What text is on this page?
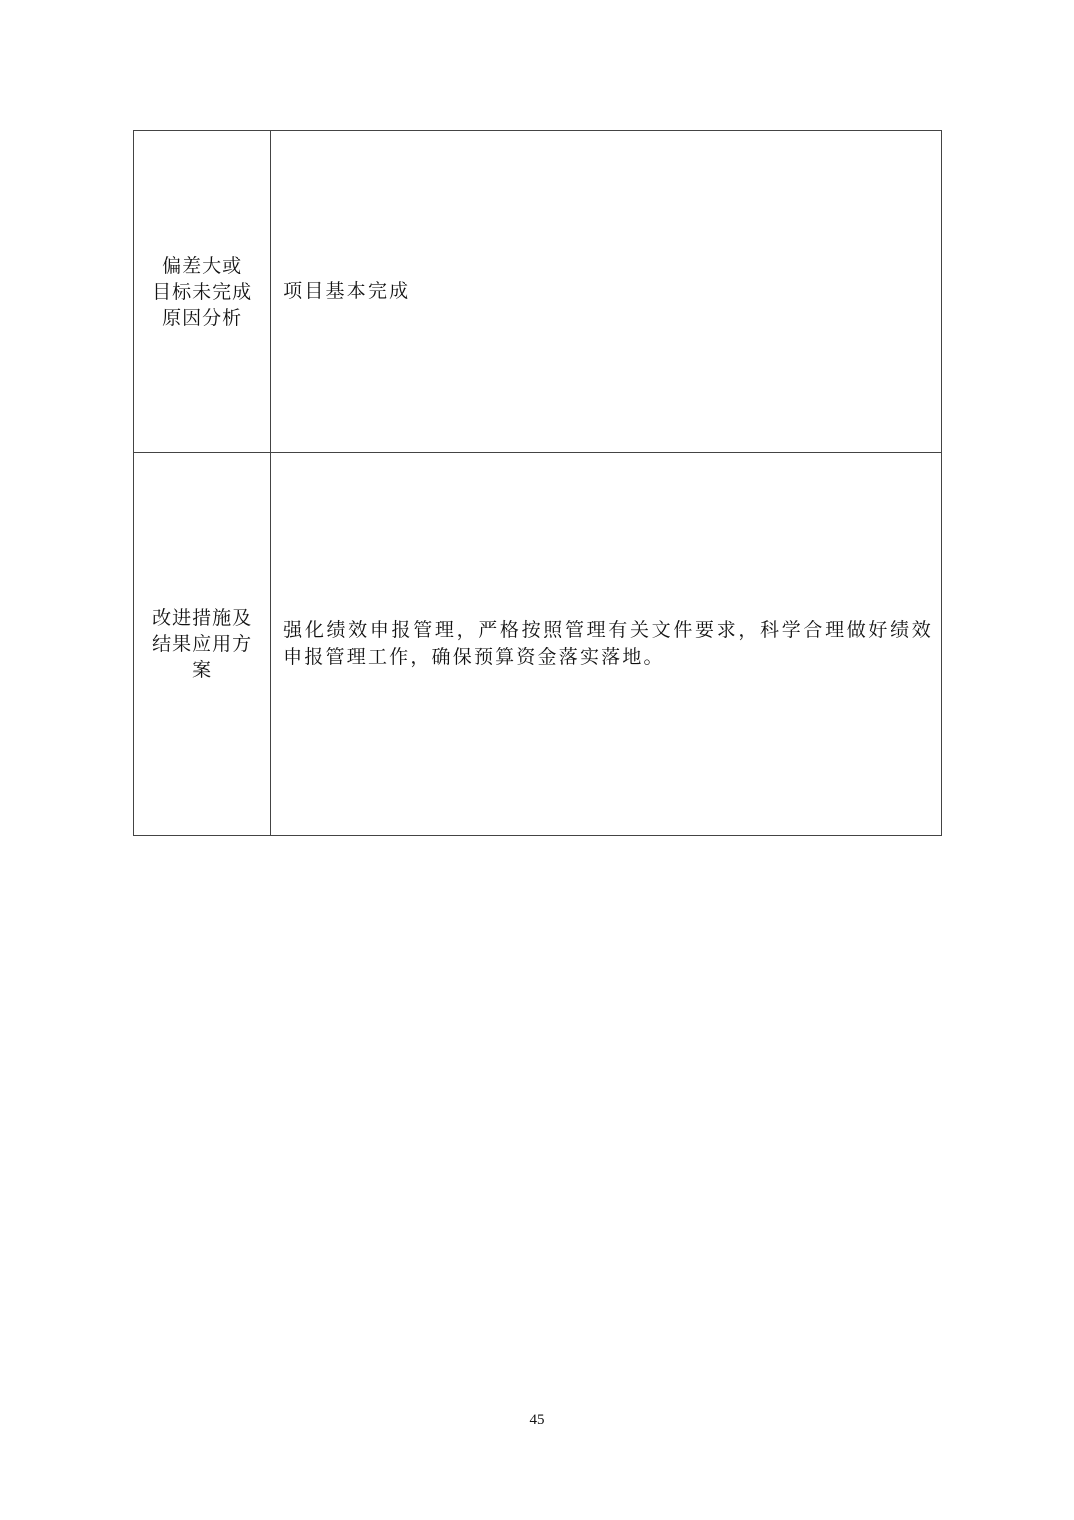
偏差大或
目标未完成
原因分析	项目基本完成

改进措施及
结果应用方
案	强化绩效申报管理，严格按照管理有关文件要求，科学合理做好绩效申报管理工作，确保预算资金落实落地。
45
